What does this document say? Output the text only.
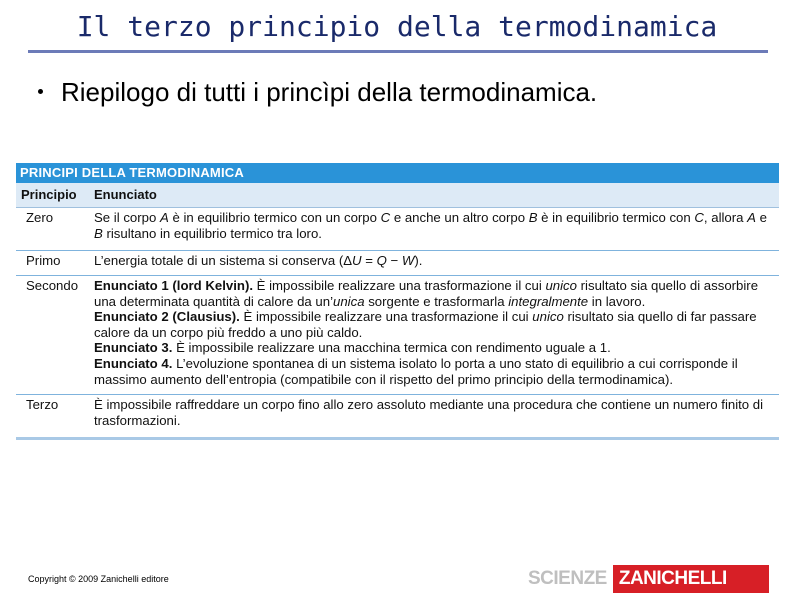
Il terzo principio della termodinamica
Riepilogo di tutti i princìpi della termodinamica.
PRINCIPI DELLA TERMODINAMICA
Principio Enunciato
Zero	Se il corpo A è in equilibrio termico con un corpo C e anche un altro corpo B è in equilibrio termico con C, allora A e B risultano in equilibrio termico tra loro.
Primo	L’energia totale di un sistema si conserva (ΔU = Q − W).
Secondo Enunciato 1 (lord Kelvin). È impossibile realizzare una trasformazione il cui unico risultato sia quello di assorbire una determinata quantità di calore da un’unica sorgente e trasformarla integralmente in lavoro.
Enunciato 2 (Clausius). È impossibile realizzare una trasformazione il cui unico risultato sia quello di far passare calore da un corpo più freddo a uno più caldo.
Enunciato 3. È impossibile realizzare una macchina termica con rendimento uguale a 1.
Enunciato 4. L’evoluzione spontanea di un sistema isolato lo porta a uno stato di equilibrio a cui corrisponde il massimo aumento dell’entropia (compatibile con il rispetto del primo principio della termodinamica).
Terzo	È impossibile raffreddare un corpo fino allo zero assoluto mediante una procedura che contiene un numero finito di trasformazioni.
Copyright © 2009 Zanichelli editore	SCIENZE ZANICHELLI
